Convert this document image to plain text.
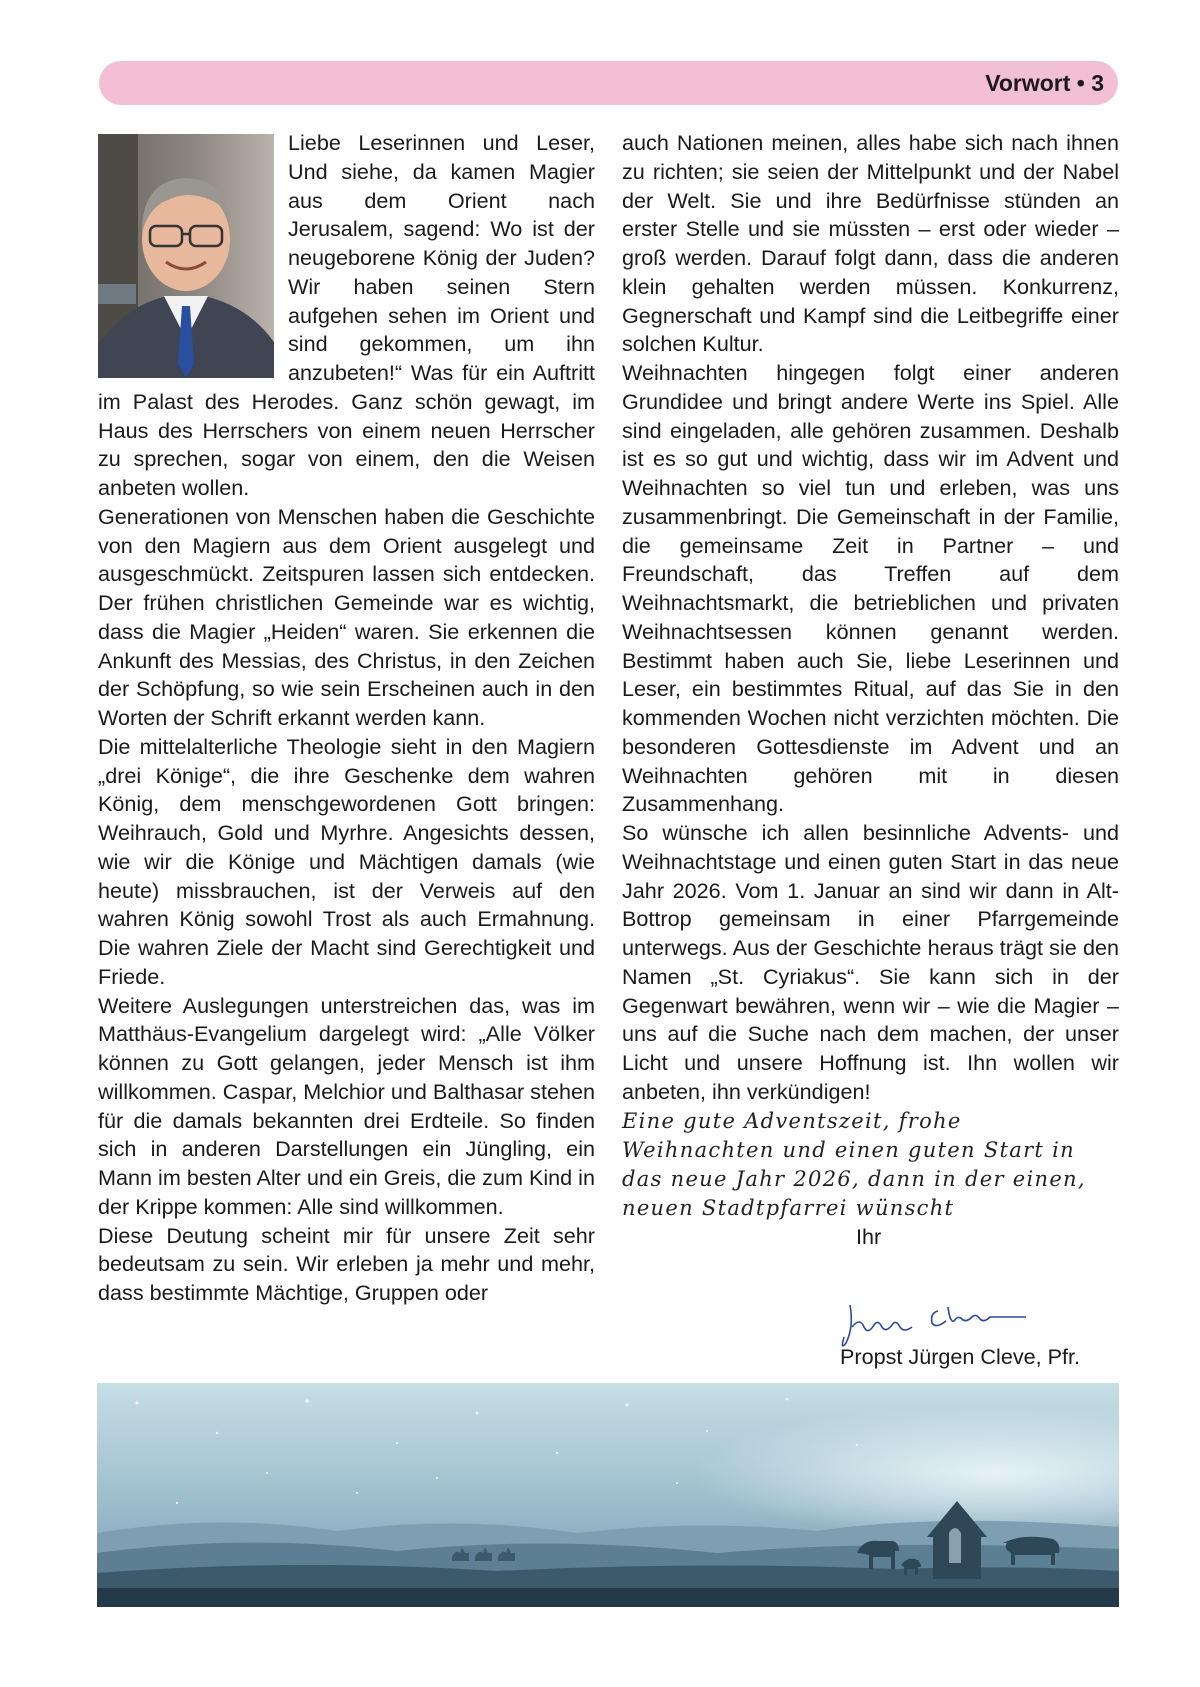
Vorwort • 3

Liebe Leserinnen und Leser, Und siehe, da kamen Magier aus dem Orient nach Jerusalem, sagend: Wo ist der neugeborene König der Juden? Wir haben seinen Stern aufgehen sehen im Orient und sind gekommen, um ihn anzubeten!“ Was für ein Auftritt im Palast des Herodes. Ganz schön gewagt, im Haus des Herrschers von einem neuen Herrscher zu sprechen, sogar von einem, den die Weisen anbeten wollen.

Generationen von Menschen haben die Geschichte von den Magiern aus dem Orient ausgelegt und ausgeschmückt. Zeitspuren lassen sich entdecken. Der frühen christlichen Gemeinde war es wichtig, dass die Magier „Heiden“ waren. Sie erkennen die Ankunft des Messias, des Christus, in den Zeichen der Schöpfung, so wie sein Erscheinen auch in den Worten der Schrift erkannt werden kann.

Die mittelalterliche Theologie sieht in den Magiern „drei Könige“, die ihre Geschenke dem wahren König, dem menschgewordenen Gott bringen: Weihrauch, Gold und Myrhre. Angesichts dessen, wie wir die Könige und Mächtigen damals (wie heute) missbrauchen, ist der Verweis auf den wahren König sowohl Trost als auch Ermahnung. Die wahren Ziele der Macht sind Gerechtigkeit und Friede.

Weitere Auslegungen unterstreichen das, was im Matthäus-Evangelium dargelegt wird: „Alle Völker können zu Gott gelangen, jeder Mensch ist ihm willkommen. Caspar, Melchior und Balthasar stehen für die damals bekannten drei Erdteile. So finden sich in anderen Darstellungen ein Jüngling, ein Mann im besten Alter und ein Greis, die zum Kind in der Krippe kommen: Alle sind willkommen.

Diese Deutung scheint mir für unsere Zeit sehr bedeutsam zu sein. Wir erleben ja mehr und mehr, dass bestimmte Mächtige, Gruppen oder

auch Nationen meinen, alles habe sich nach ihnen zu richten; sie seien der Mittelpunkt und der Nabel der Welt. Sie und ihre Bedürfnisse stünden an erster Stelle und sie müssten – erst oder wieder – groß werden. Darauf folgt dann, dass die anderen klein gehalten werden müssen. Konkurrenz, Gegnerschaft und Kampf sind die Leitbegriffe einer solchen Kultur.

Weihnachten hingegen folgt einer anderen Grundidee und bringt andere Werte ins Spiel. Alle sind eingeladen, alle gehören zusammen. Deshalb ist es so gut und wichtig, dass wir im Advent und Weihnachten so viel tun und erleben, was uns zusammenbringt. Die Gemeinschaft in der Familie, die gemeinsame Zeit in Partner – und Freundschaft, das Treffen auf dem Weihnachtsmarkt, die betrieblichen und privaten Weihnachtsessen können genannt werden. Bestimmt haben auch Sie, liebe Leserinnen und Leser, ein bestimmtes Ritual, auf das Sie in den kommenden Wochen nicht verzichten möchten. Die besonderen Gottesdienste im Advent und an Weihnachten gehören mit in diesen Zusammenhang.

So wünsche ich allen besinnliche Advents- und Weihnachtstage und einen guten Start in das neue Jahr 2026. Vom 1. Januar an sind wir dann in Alt-Bottrop gemeinsam in einer Pfarrgemeinde unterwegs. Aus der Geschichte heraus trägt sie den Namen „St. Cyriakus“. Sie kann sich in der Gegenwart bewähren, wenn wir – wie die Magier – uns auf die Suche nach dem machen, der unser Licht und unsere Hoffnung ist. Ihn wollen wir anbeten, ihn verkündigen!

Eine gute Adventszeit, frohe Weihnachten und einen guten Start in das neue Jahr 2026, dann in der einen, neuen Stadtpfarrei wünscht

Ihr

Propst Jürgen Cleve, Pfr.
